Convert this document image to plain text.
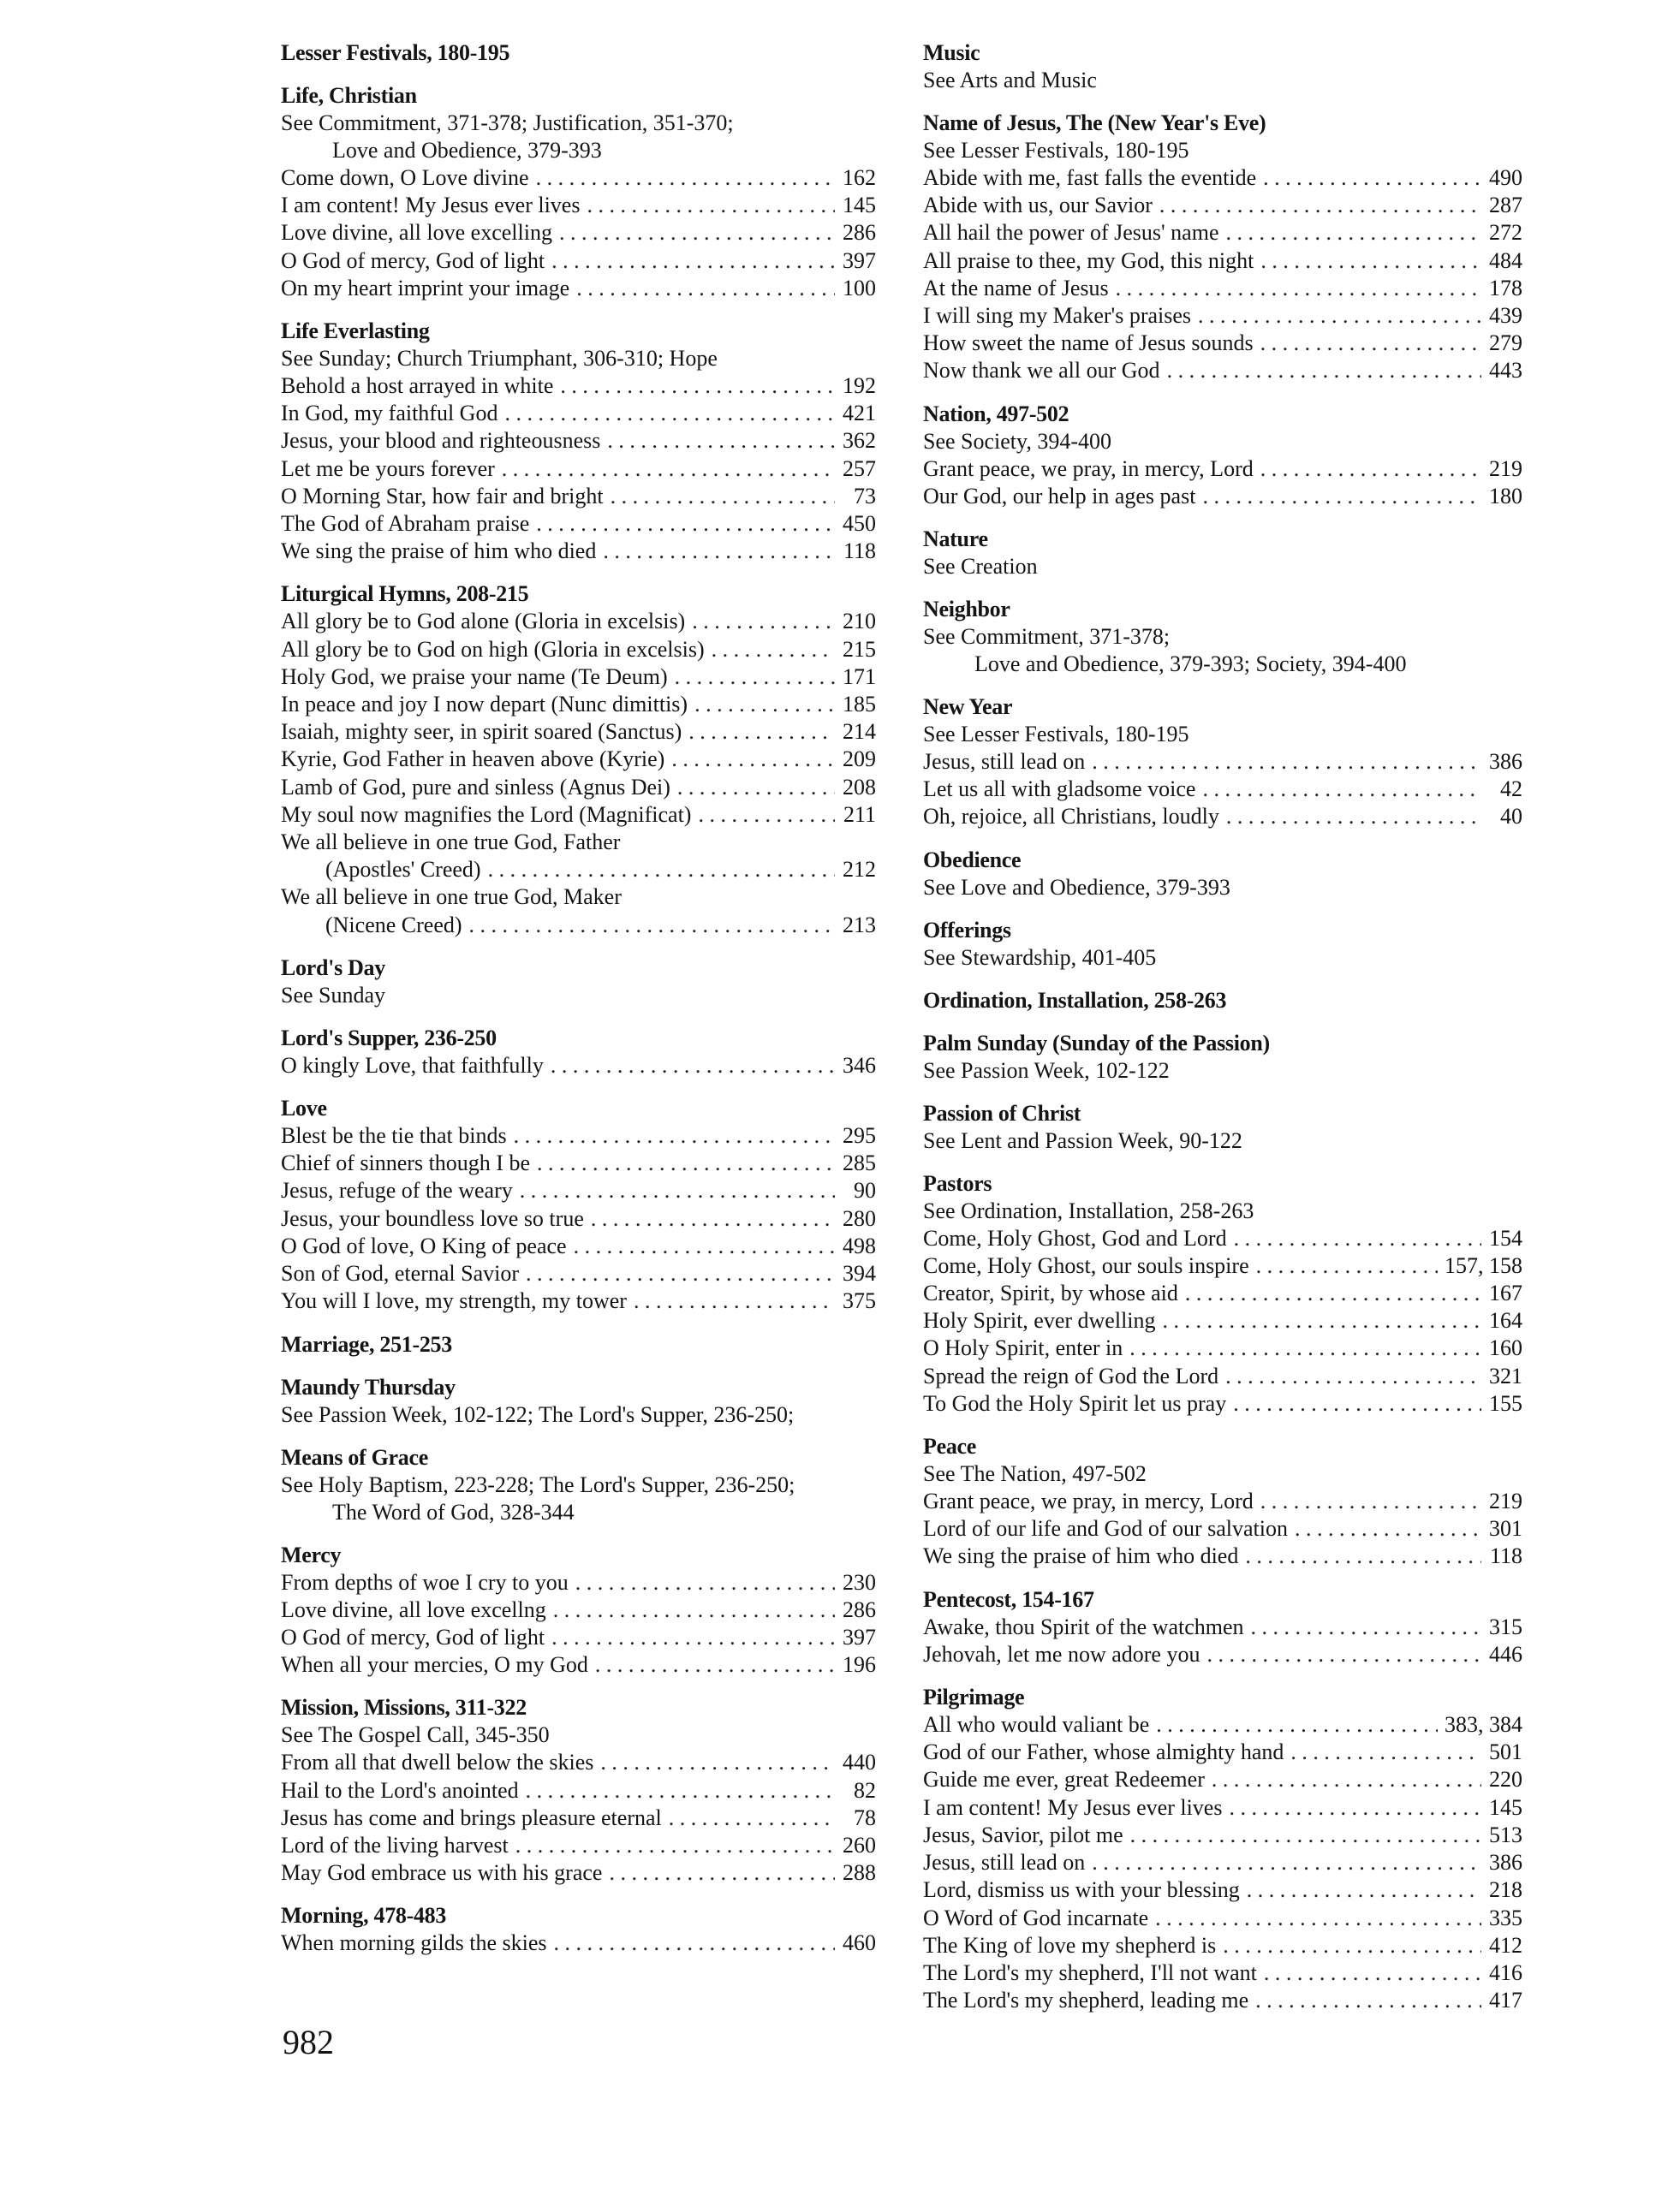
Lesser Festivals, 180-195
Life, Christian
See Commitment, 371-378; Justification, 351-370;
Love and Obedience, 379-393
Come down, O Love divine . . .	162
I am content! My Jesus ever lives . . .	145
Love divine, all love excelling . . .	286
O God of mercy, God of light . . .	397
On my heart imprint your image . . .	100
Life Everlasting
See Sunday; Church Triumphant, 306-310; Hope
Behold a host arrayed in white . . .	192
In God, my faithful God . . .	421
Jesus, your blood and righteousness . . .	362
Let me be yours forever . . .	257
O Morning Star, how fair and bright . . .	73
The God of Abraham praise . . .	450
We sing the praise of him who died . . .	118
Liturgical Hymns, 208-215
All glory be to God alone (Gloria in excelsis) . . .	210
All glory be to God on high (Gloria in excelsis) . . .	215
Holy God, we praise your name (Te Deum) . . .	171
In peace and joy I now depart (Nunc dimittis) . . .	185
Isaiah, mighty seer, in spirit soared (Sanctus) . . .	214
Kyrie, God Father in heaven above (Kyrie) . . .	209
Lamb of God, pure and sinless (Agnus Dei) . . .	208
My soul now magnifies the Lord (Magnificat) . . .	211
We all believe in one true God, Father
(Apostles' Creed) . . .	212
We all believe in one true God, Maker
(Nicene Creed) . . .	213
Lord's Day
See Sunday
Lord's Supper, 236-250
O kingly Love, that faithfully . . .	346
Love
Blest be the tie that binds . . .	295
Chief of sinners though I be . . .	285
Jesus, refuge of the weary . . .	90
Jesus, your boundless love so true . . .	280
O God of love, O King of peace . . .	498
Son of God, eternal Savior . . .	394
You will I love, my strength, my tower . . .	375
Marriage, 251-253
Maundy Thursday
See Passion Week, 102-122; The Lord's Supper, 236-250;
Means of Grace
See Holy Baptism, 223-228; The Lord's Supper, 236-250;
The Word of God, 328-344
Mercy
From depths of woe I cry to you . . .	230
Love divine, all love excellng . . .	286
O God of mercy, God of light . . .	397
When all your mercies, O my God . . .	196
Mission, Missions, 311-322
See The Gospel Call, 345-350
From all that dwell below the skies . . .	440
Hail to the Lord's anointed . . .	82
Jesus has come and brings pleasure eternal . . .	78
Lord of the living harvest . . .	260
May God embrace us with his grace . . .	288
Morning, 478-483
When morning gilds the skies . . .	460
Music
See Arts and Music
Name of Jesus, The (New Year's Eve)
See Lesser Festivals, 180-195
Abide with me, fast falls the eventide . . .	490
Abide with us, our Savior . . .	287
All hail the power of Jesus' name . . .	272
All praise to thee, my God, this night . . .	484
At the name of Jesus . . .	178
I will sing my Maker's praises . . .	439
How sweet the name of Jesus sounds . . .	279
Now thank we all our God . . .	443
Nation, 497-502
See Society, 394-400
Grant peace, we pray, in mercy, Lord . . .	219
Our God, our help in ages past . . .	180
Nature
See Creation
Neighbor
See Commitment, 371-378;
Love and Obedience, 379-393; Society, 394-400
New Year
See Lesser Festivals, 180-195
Jesus, still lead on . . .	386
Let us all with gladsome voice . . .	42
Oh, rejoice, all Christians, loudly . . .	40
Obedience
See Love and Obedience, 379-393
Offerings
See Stewardship, 401-405
Ordination, Installation, 258-263
Palm Sunday (Sunday of the Passion)
See Passion Week, 102-122
Passion of Christ
See Lent and Passion Week, 90-122
Pastors
See Ordination, Installation, 258-263
Come, Holy Ghost, God and Lord . . .	154
Come, Holy Ghost, our souls inspire . . .	157, 158
Creator, Spirit, by whose aid . . .	167
Holy Spirit, ever dwelling . . .	164
O Holy Spirit, enter in . . .	160
Spread the reign of God the Lord . . .	321
To God the Holy Spirit let us pray . . .	155
Peace
See The Nation, 497-502
Grant peace, we pray, in mercy, Lord . . .	219
Lord of our life and God of our salvation . . .	301
We sing the praise of him who died . . .	118
Pentecost, 154-167
Awake, thou Spirit of the watchmen . . .	315
Jehovah, let me now adore you . . .	446
Pilgrimage
All who would valiant be . . .	383, 384
God of our Father, whose almighty hand . . .	501
Guide me ever, great Redeemer . . .	220
I am content! My Jesus ever lives . . .	145
Jesus, Savior, pilot me . . .	513
Jesus, still lead on . . .	386
Lord, dismiss us with your blessing . . .	218
O Word of God incarnate . . .	335
The King of love my shepherd is . . .	412
The Lord's my shepherd, I'll not want . . .	416
The Lord's my shepherd, leading me . . .	417
982
